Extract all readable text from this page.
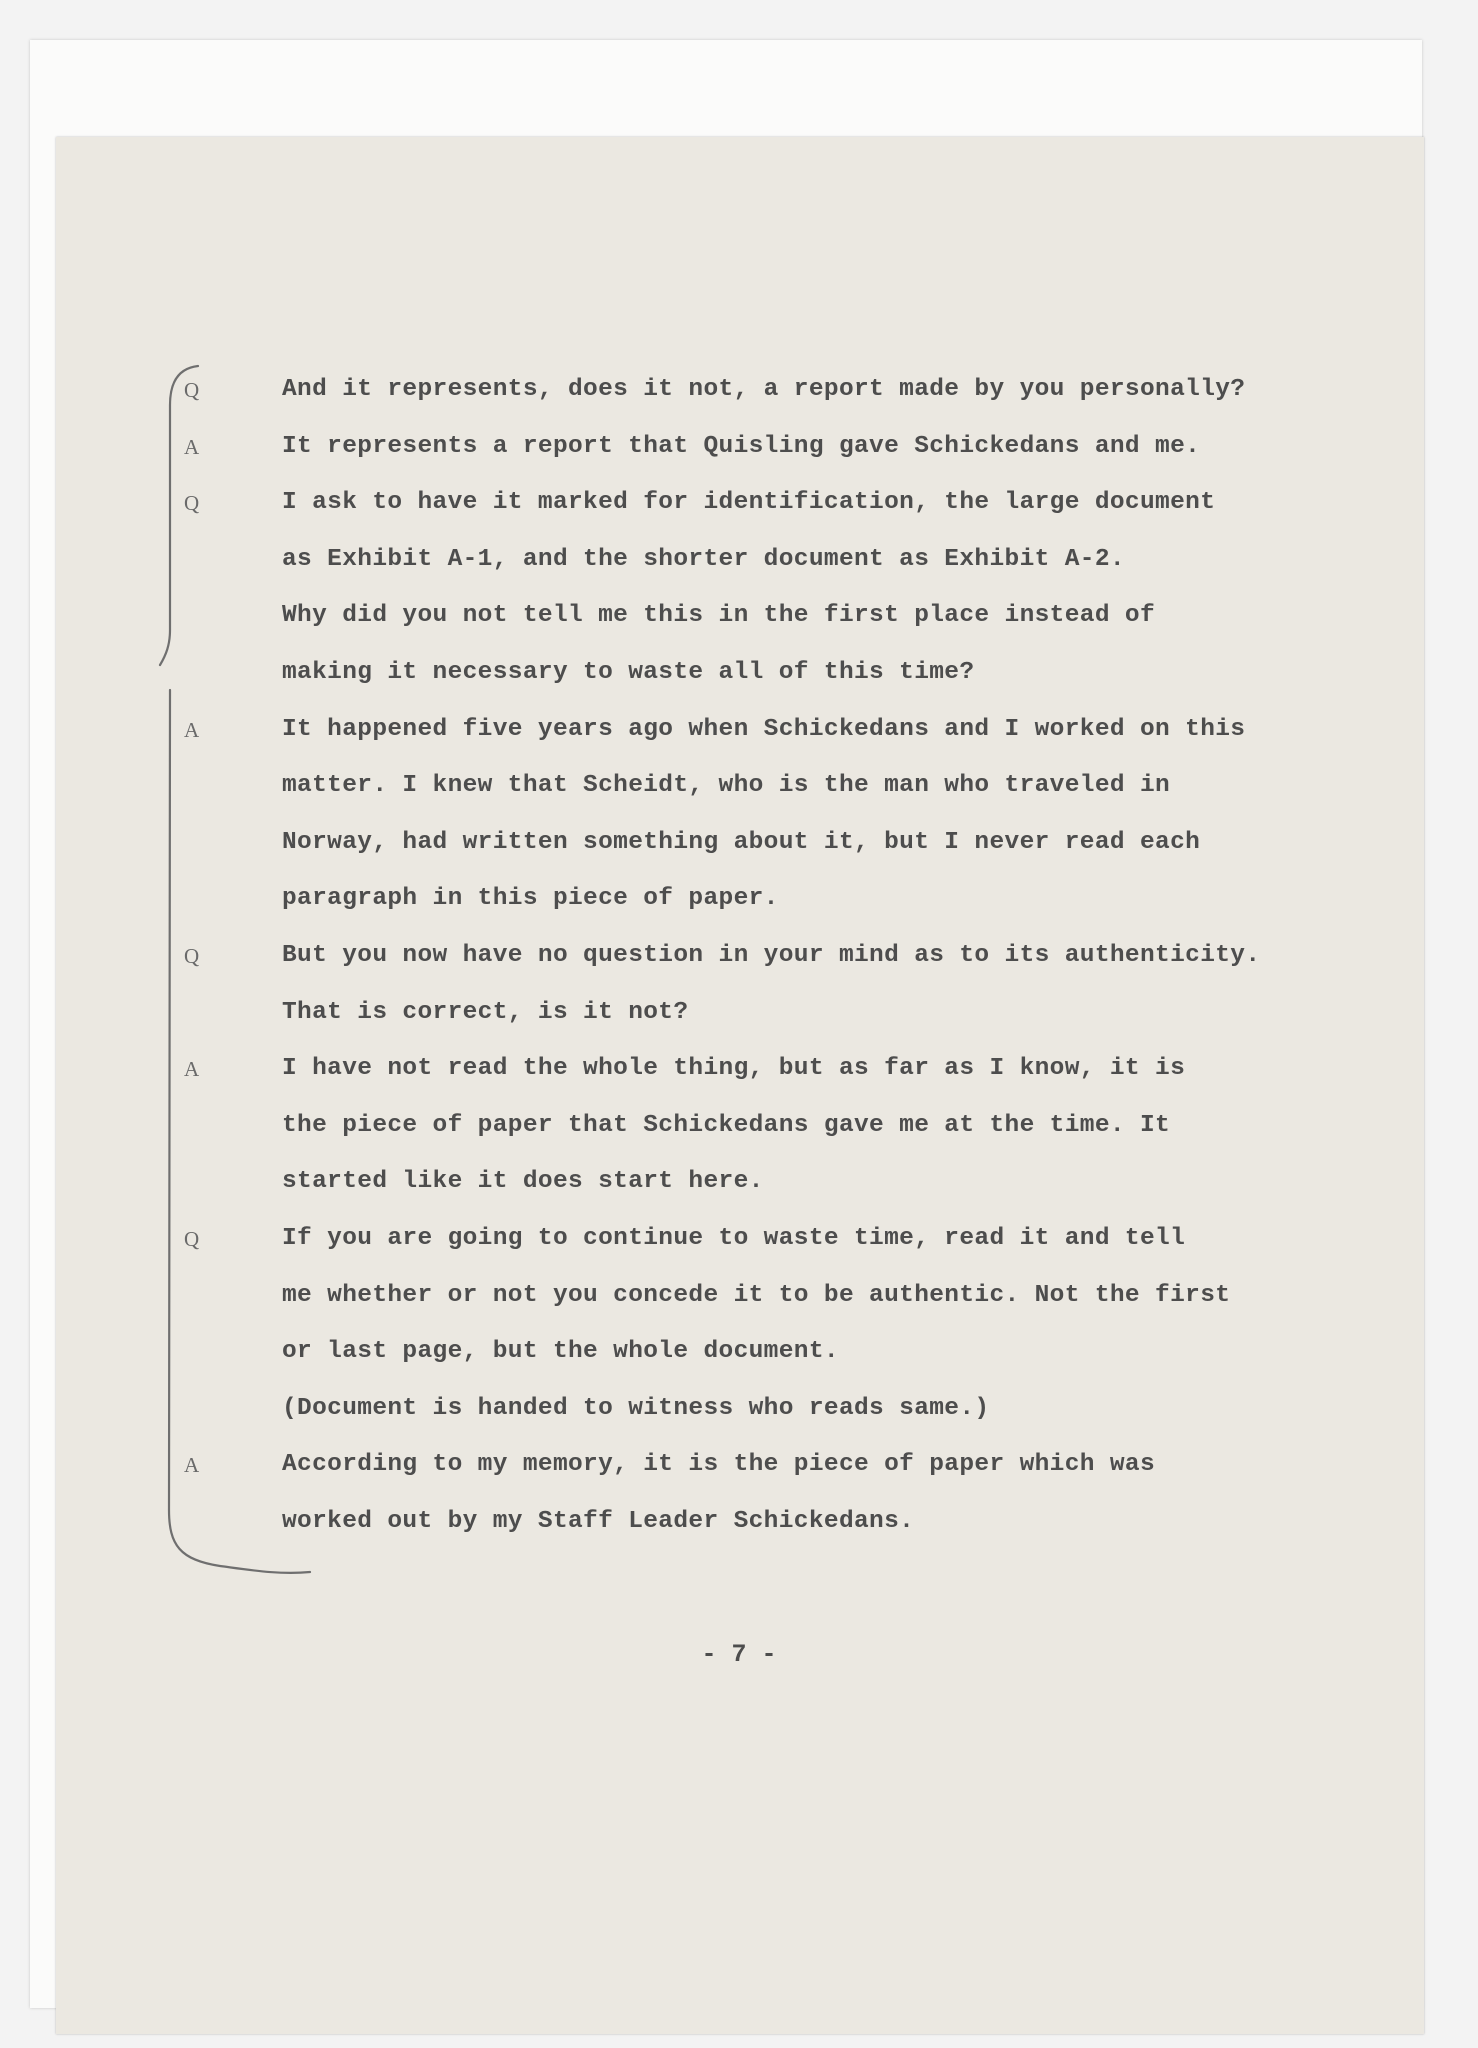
Q	And it represents, does it not, a report made by you personally?
A	It represents a report that Quisling gave Schickedans and me.
Q	I ask to have it marked for identification, the large document
as Exhibit A-1, and the shorter document as Exhibit A-2.
Why did you not tell me this in the first place instead of
making it necessary to waste all of this time?
A	It happened five years ago when Schickedans and I worked on this
matter. I knew that Scheidt, who is the man who traveled in
Norway, had written something about it, but I never read each
paragraph in this piece of paper.
Q	But you now have no question in your mind as to its authenticity.
That is correct, is it not?
A	I have not read the whole thing, but as far as I know, it is
the piece of paper that Schickedans gave me at the time. It
started like it does start here.
Q	If you are going to continue to waste time, read it and tell
me whether or not you concede it to be authentic. Not the first
or last page, but the whole document.
(Document is handed to witness who reads same.)
A	According to my memory, it is the piece of paper which was
worked out by my Staff Leader Schickedans.
- 7 -
